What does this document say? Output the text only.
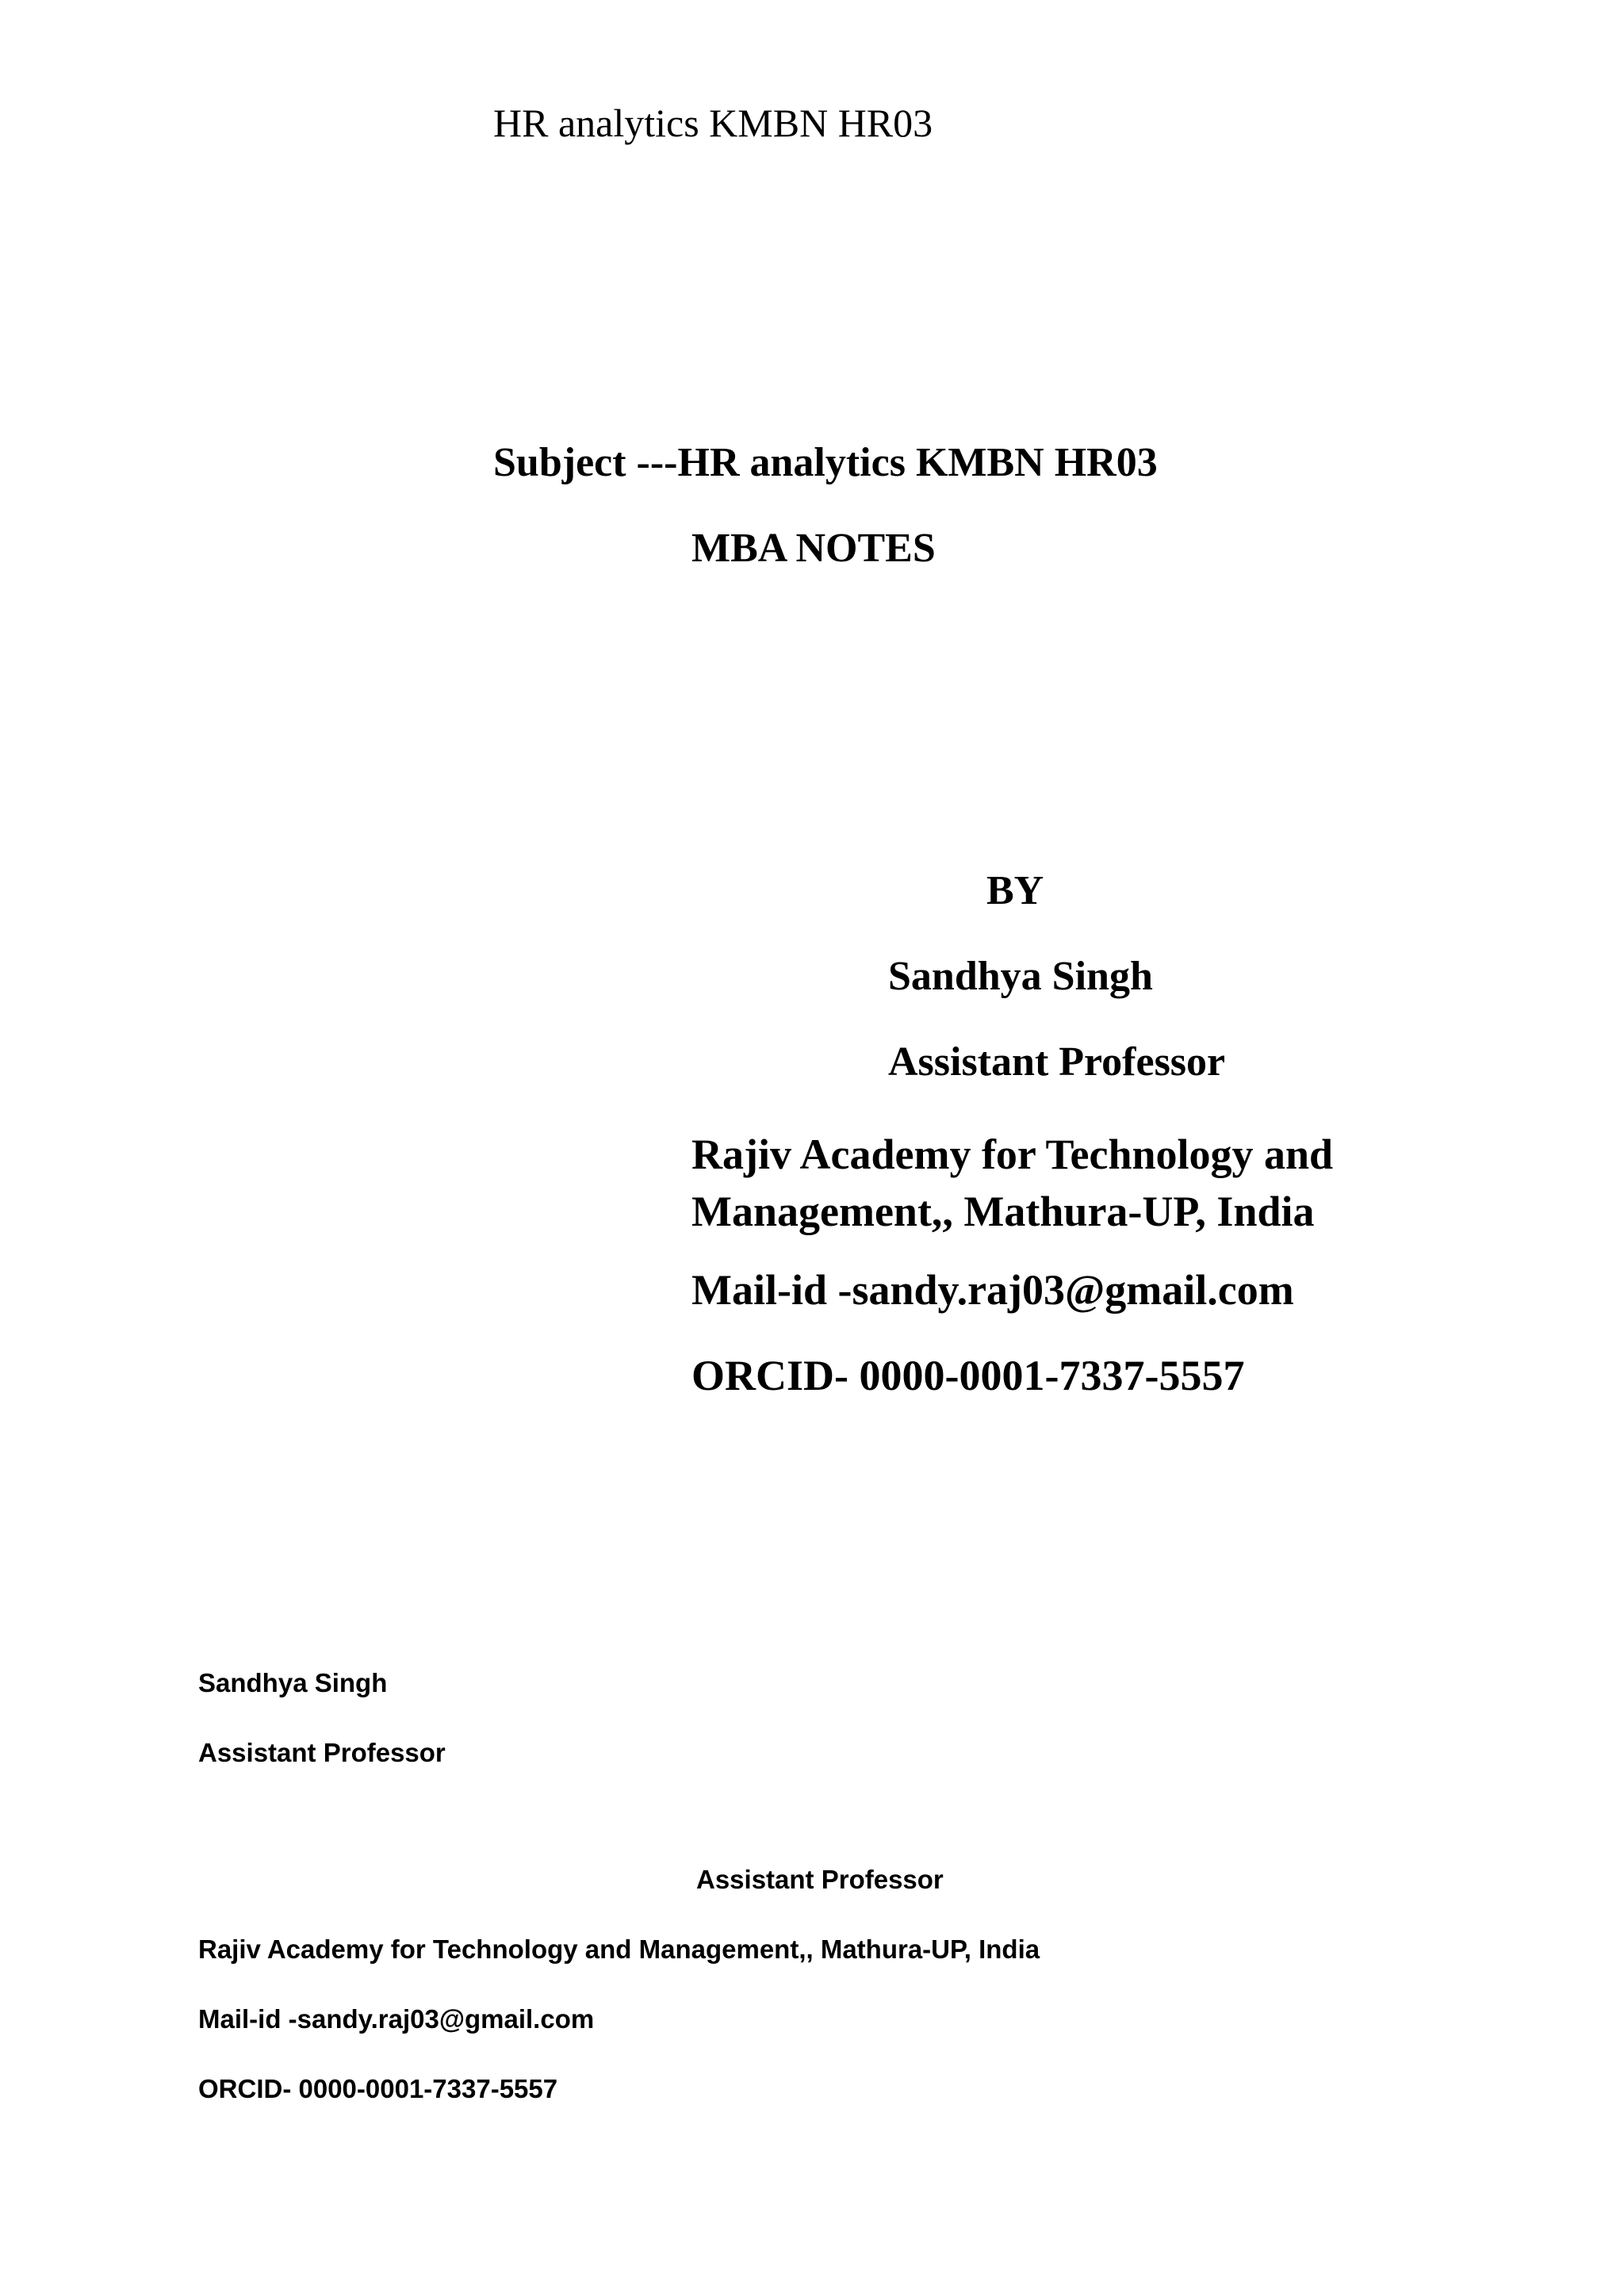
HR analytics KMBN HR03
Subject ---HR analytics KMBN HR03
MBA NOTES
BY
Sandhya Singh
Assistant Professor
Rajiv Academy for Technology and Management,, Mathura-UP, India
Mail-id -sandy.raj03@gmail.com
ORCID- 0000-0001-7337-5557
Sandhya Singh
Assistant Professor
Assistant Professor
Rajiv Academy for Technology and Management,, Mathura-UP, India
Mail-id -sandy.raj03@gmail.com
ORCID- 0000-0001-7337-5557
